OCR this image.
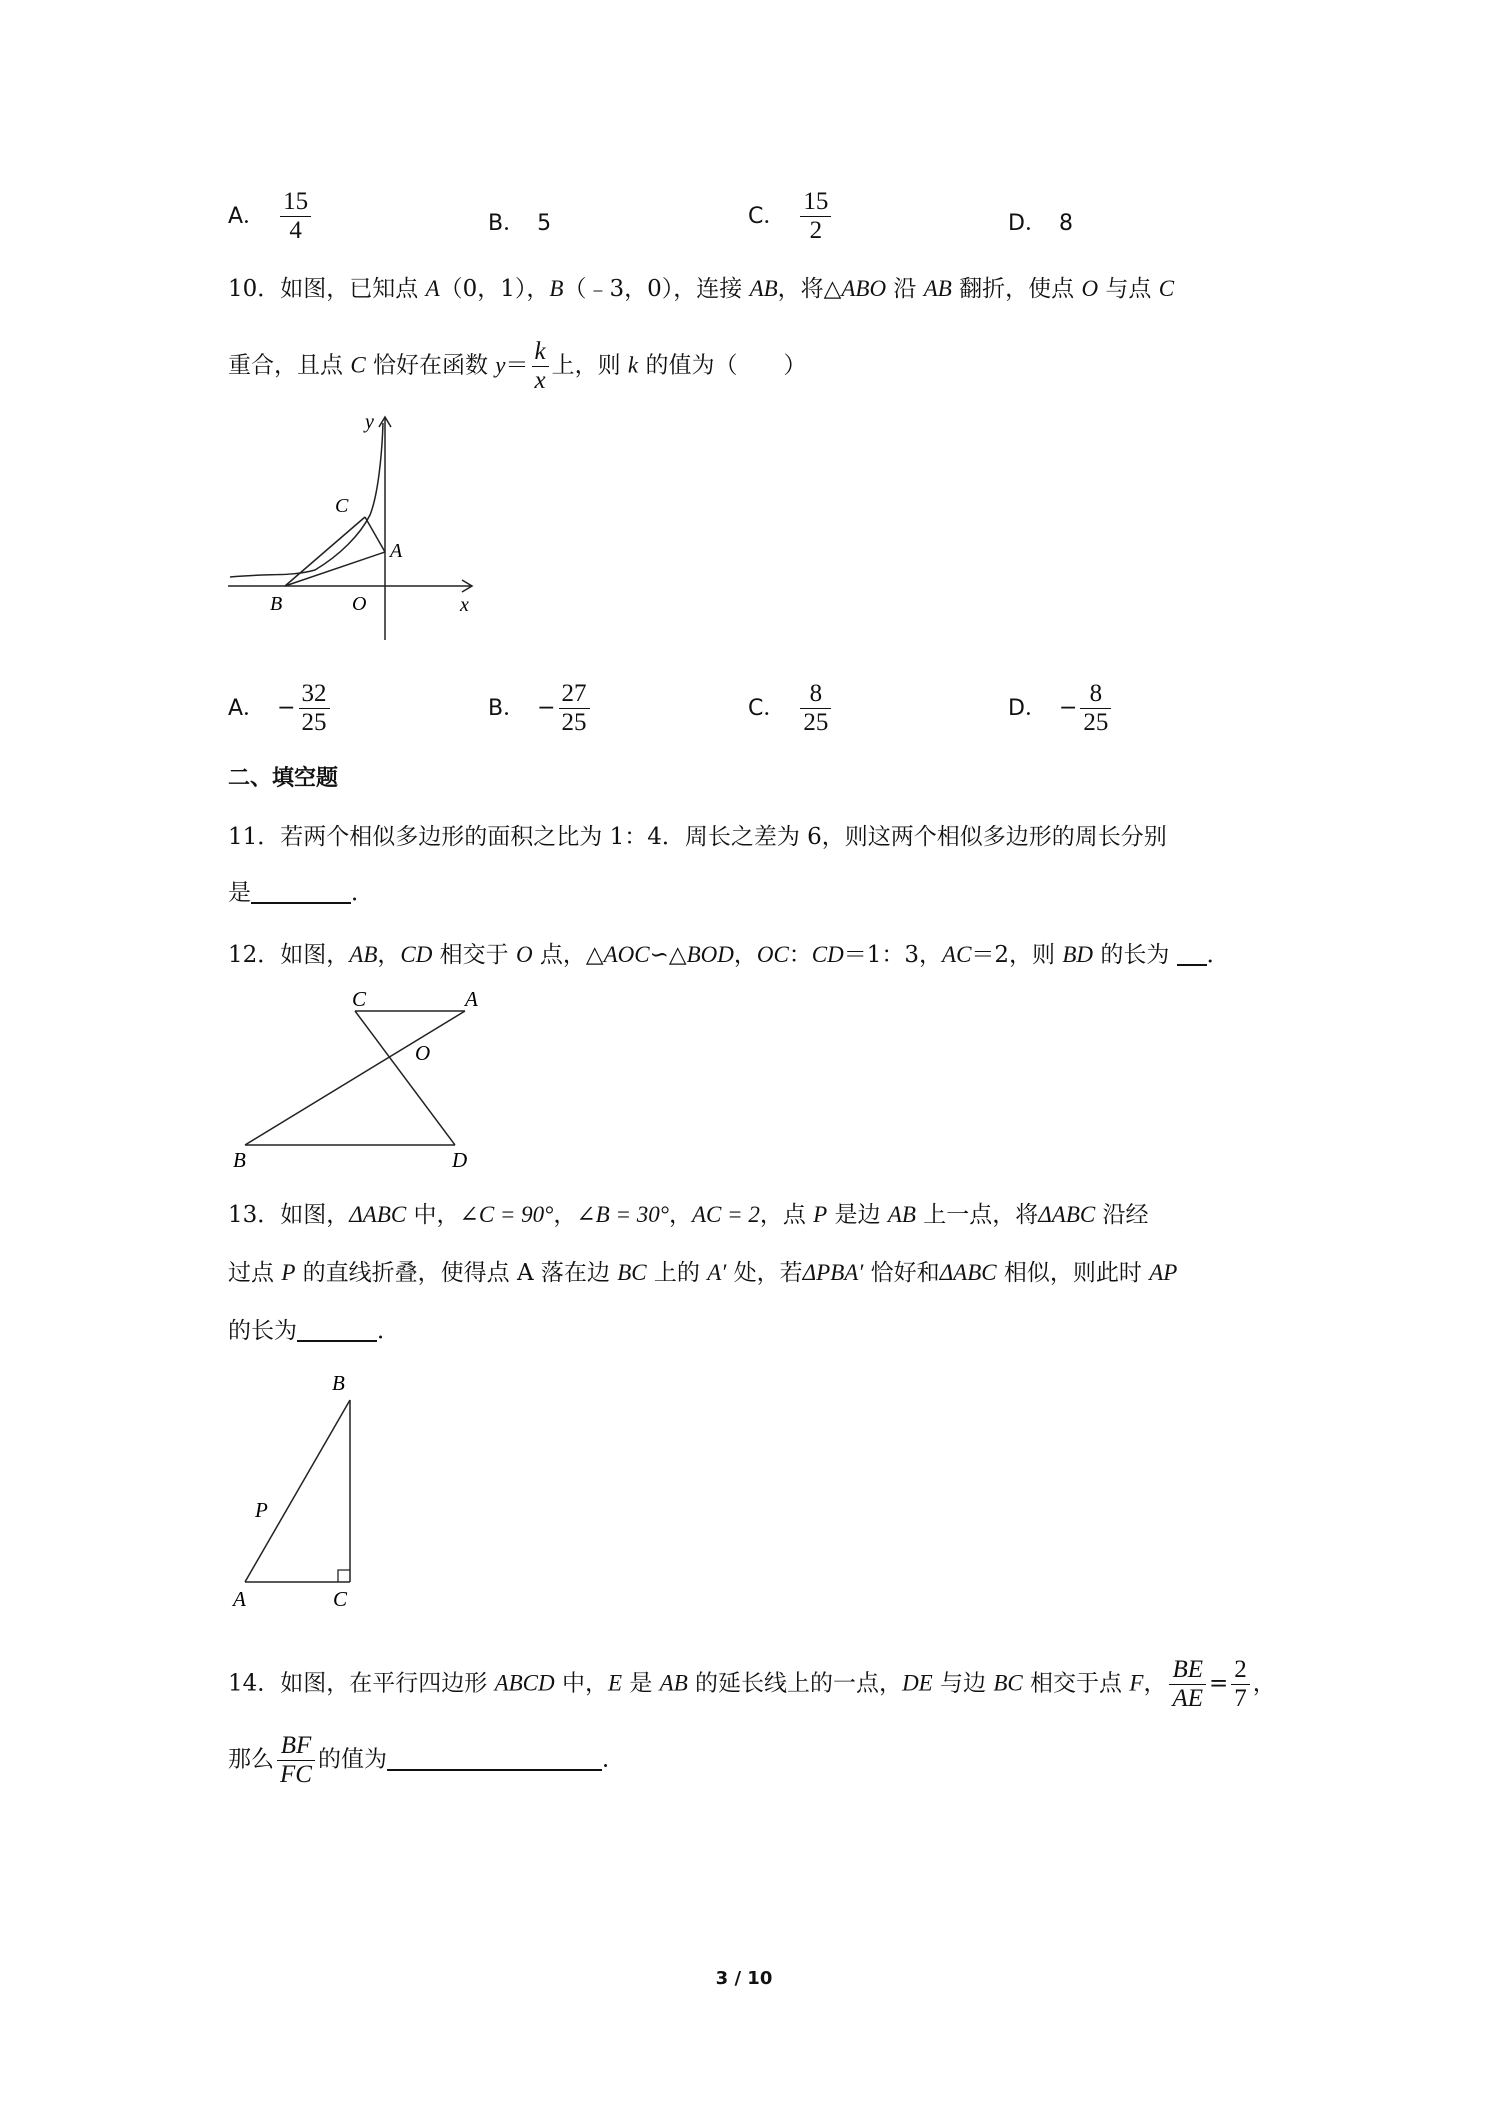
A． $\frac{15}{4}$	B． 5	C． $\frac{15}{2}$	D． 8
10．如图，已知点 A（0，1），B（﹣3，0），连接 AB，将△ABO 沿 AB 翻折，使点 O 与点 C
重合，且点 C 恰好在函数 $y= \frac{k}{x}$ 上，则 k 的值为（　　）
y
x
C
A
B	O
A． − $\frac{32}{25}$	B． − $\frac{27}{25}$	C． $\frac{8}{25}$	D． − $\frac{8}{25}$
二、填空题
11．若两个相似多边形的面积之比为 1：4．周长之差为 6，则这两个相似多边形的周长分别
是	．
12．如图，AB，CD 相交于 O 点，△AOC∽△BOD，OC：CD＝1：3，AC＝2，则 BD 的长为 ．
C	A
O
B	D
13．如图，ΔABC 中，∠C = 90°，∠B = 30°，AC = 2，点 P 是边 AB 上一点，将ΔABC 沿经
过点 P 的直线折叠，使得点 A 落在边 BC 上的 A′ 处，若ΔPBA′ 恰好和ΔABC 相似，则此时 AP
的长为	．
B
P
A	C
14．如图，在平行四边形 ABCD 中，E 是 AB 的延长线上的一点，DE 与边 BC 相交于点 F， $\frac{BE}{AE} = \frac{2}{7}$ ，
那么 $\frac{BF}{FC}$ 的值为	．
3 / 10
